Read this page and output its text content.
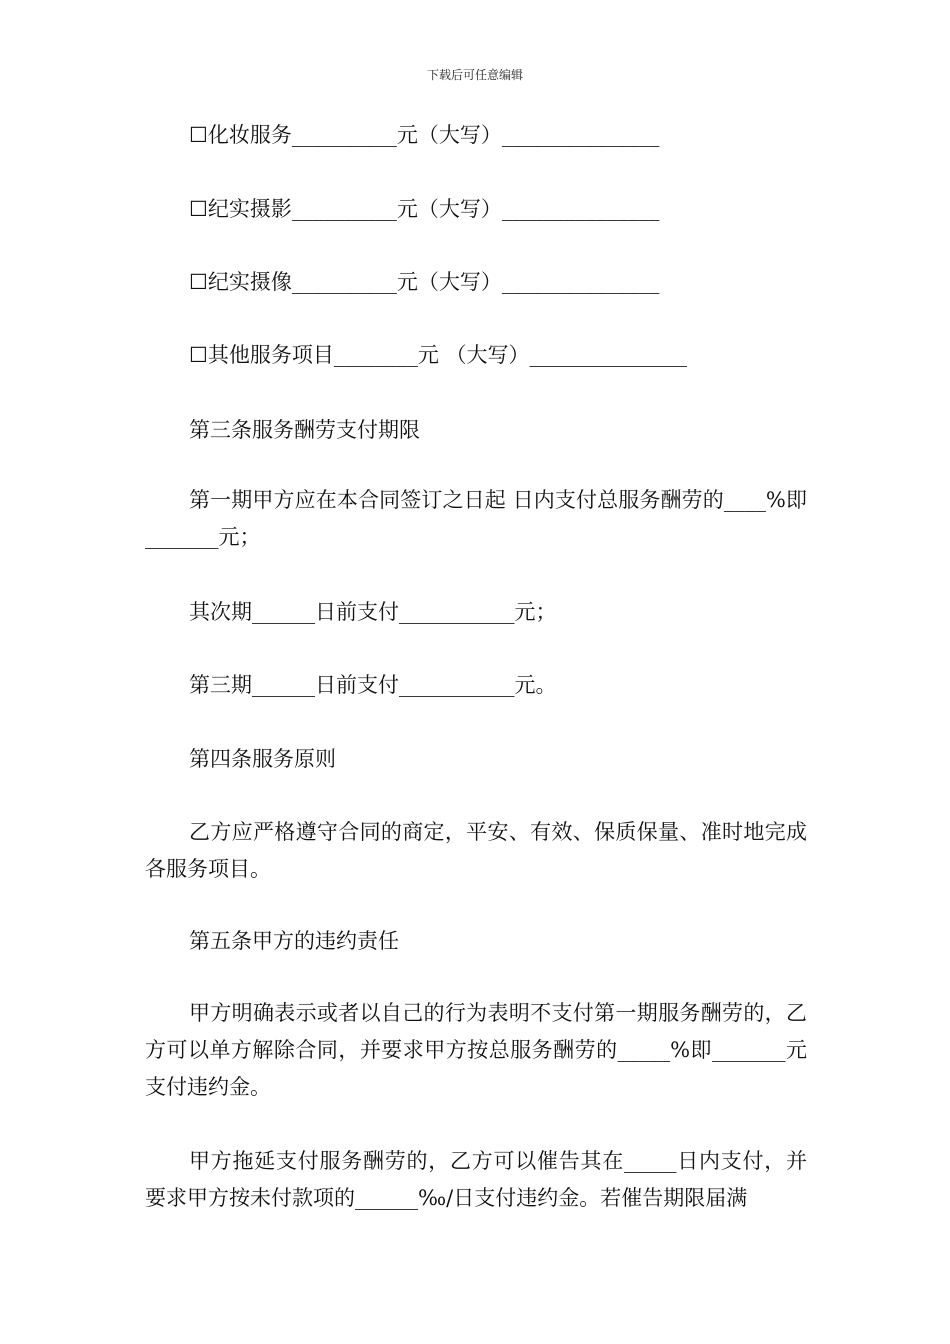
下载后可任意编辑
☐化妆服务__________元（大写）_______________
☐纪实摄影__________元（大写）_______________
☐纪实摄像__________元（大写）_______________
☐其他服务项目________元 （大写）_______________
第三条服务酬劳支付期限
第一期甲方应在本合同签订之日起 日内支付总服务酬劳的____%即_______元；
其次期______日前支付___________元；
第三期______日前支付___________元。
第四条服务原则
乙方应严格遵守合同的商定，平安、有效、保质保量、准时地完成各服务项目。
第五条甲方的违约责任
甲方明确表示或者以自己的行为表明不支付第一期服务酬劳的，乙方可以单方解除合同，并要求甲方按总服务酬劳的_____%即_______元支付违约金。
甲方拖延支付服务酬劳的，乙方可以催告其在_____日内支付，并要求甲方按未付款项的______‰/日支付违约金。若催告期限届满
